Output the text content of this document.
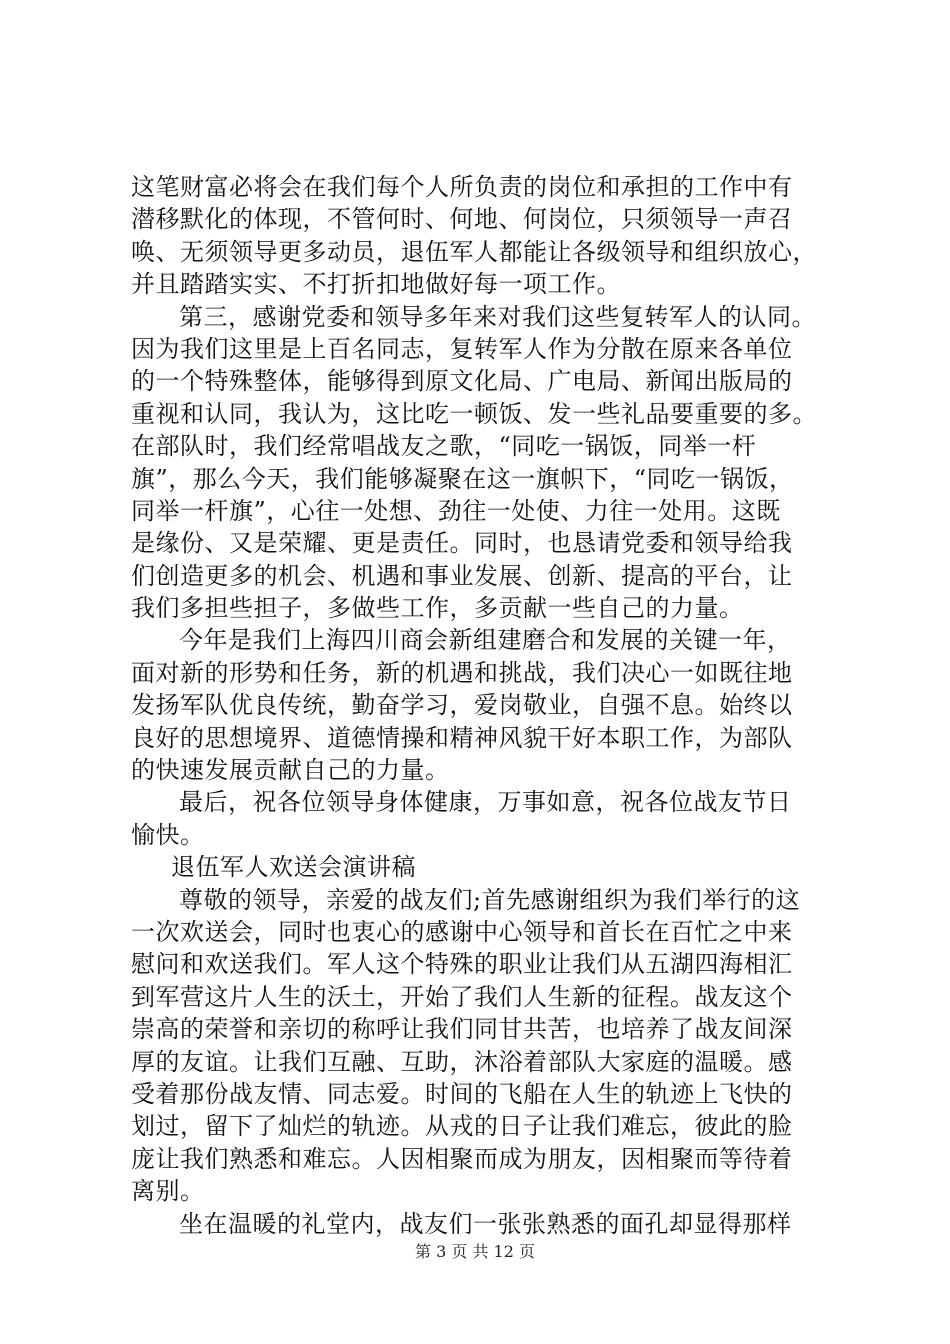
这笔财富必将会在我们每个人所负责的岗位和承担的工作中有
潜移默化的体现，不管何时、何地、何岗位，只须领导一声召
唤、无须领导更多动员，退伍军人都能让各级领导和组织放心，
并且踏踏实实、不打折扣地做好每一项工作。
第三，感谢党委和领导多年来对我们这些复转军人的认同。
因为我们这里是上百名同志，复转军人作为分散在原来各单位
的一个特殊整体，能够得到原文化局、广电局、新闻出版局的
重视和认同，我认为，这比吃一顿饭、发一些礼品要重要的多。
在部队时，我们经常唱战友之歌，“同吃一锅饭，同举一杆
旗”，那么今天，我们能够凝聚在这一旗帜下，“同吃一锅饭，
同举一杆旗”，心往一处想、劲往一处使、力往一处用。这既
是缘份、又是荣耀、更是责任。同时，也恳请党委和领导给我
们创造更多的机会、机遇和事业发展、创新、提高的平台，让
我们多担些担子，多做些工作，多贡献一些自己的力量。
今年是我们上海四川商会新组建磨合和发展的关键一年，
面对新的形势和任务，新的机遇和挑战，我们决心一如既往地
发扬军队优良传统，勤奋学习，爱岗敬业，自强不息。始终以
良好的思想境界、道德情操和精神风貌干好本职工作，为部队
的快速发展贡献自己的力量。
最后，祝各位领导身体健康，万事如意，祝各位战友节日
愉快。
退伍军人欢送会演讲稿
尊敬的领导，亲爱的战友们;首先感谢组织为我们举行的这
一次欢送会，同时也衷心的感谢中心领导和首长在百忙之中来
慰问和欢送我们。军人这个特殊的职业让我们从五湖四海相汇
到军营这片人生的沃土，开始了我们人生新的征程。战友这个
崇高的荣誉和亲切的称呼让我们同甘共苦，也培养了战友间深
厚的友谊。让我们互融、互助，沐浴着部队大家庭的温暖。感
受着那份战友情、同志爱。时间的飞船在人生的轨迹上飞快的
划过，留下了灿烂的轨迹。从戎的日子让我们难忘，彼此的脸
庞让我们熟悉和难忘。人因相聚而成为朋友，因相聚而等待着
离别。
坐在温暖的礼堂内，战友们一张张熟悉的面孔却显得那样
第 3 页 共 12 页
